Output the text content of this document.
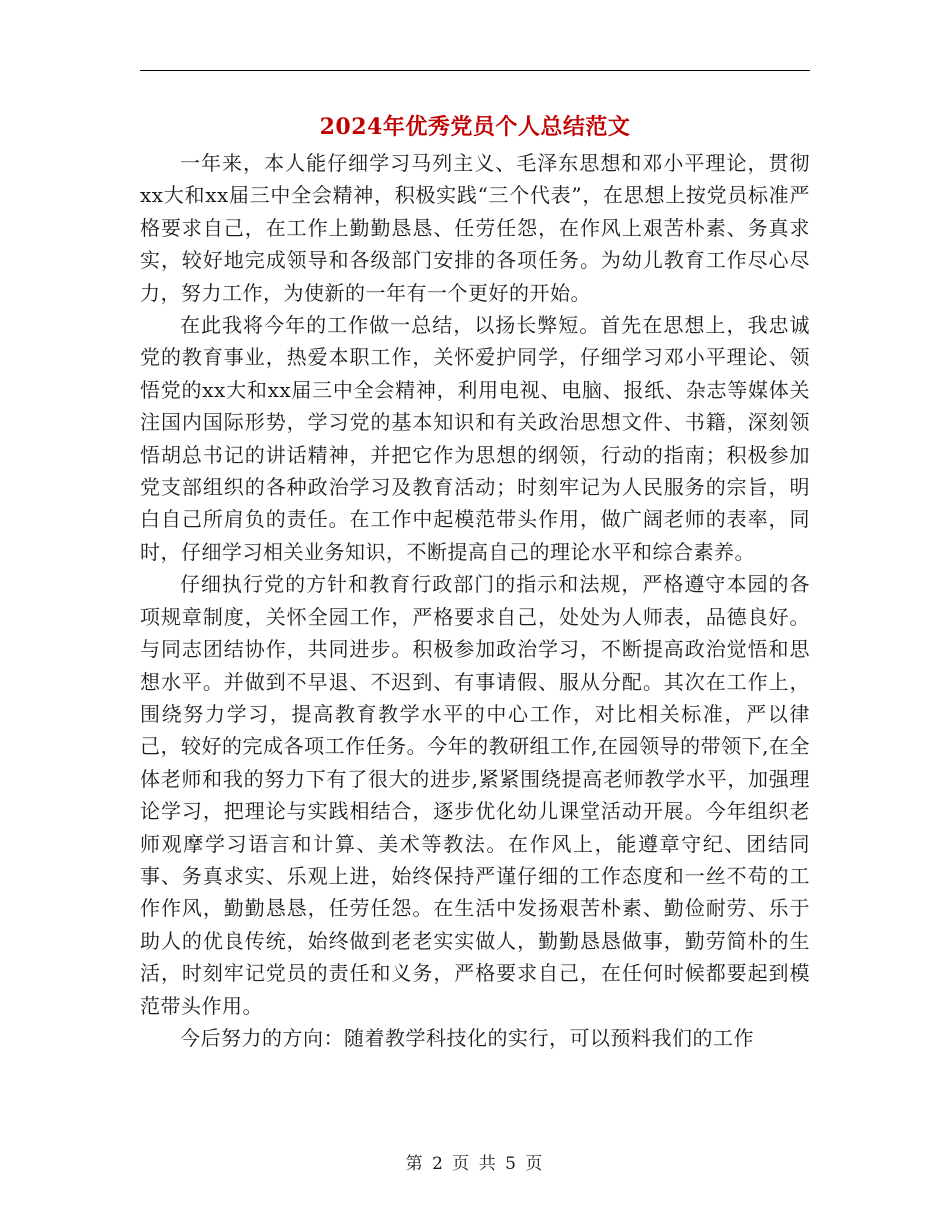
2024年优秀党员个人总结范文

一年来，本人能仔细学习马列主义、毛泽东思想和邓小平理论，贯彻xx大和xx届三中全会精神，积极实践“三个代表”，在思想上按党员标准严格要求自己，在工作上勤勤恳恳、任劳任怨，在作风上艰苦朴素、务真求实，较好地完成领导和各级部门安排的各项任务。为幼儿教育工作尽心尽力，努力工作，为使新的一年有一个更好的开始。

在此我将今年的工作做一总结，以扬长弊短。首先在思想上，我忠诚党的教育事业，热爱本职工作，关怀爱护同学，仔细学习邓小平理论、领悟党的xx大和xx届三中全会精神，利用电视、电脑、报纸、杂志等媒体关注国内国际形势，学习党的基本知识和有关政治思想文件、书籍，深刻领悟胡总书记的讲话精神，并把它作为思想的纲领，行动的指南；积极参加党支部组织的各种政治学习及教育活动；时刻牢记为人民服务的宗旨，明白自己所肩负的责任。在工作中起模范带头作用，做广阔老师的表率，同时，仔细学习相关业务知识，不断提高自己的理论水平和综合素养。

仔细执行党的方针和教育行政部门的指示和法规，严格遵守本园的各项规章制度，关怀全园工作，严格要求自己，处处为人师表，品德良好。与同志团结协作，共同进步。积极参加政治学习，不断提高政治觉悟和思想水平。并做到不早退、不迟到、有事请假、服从分配。其次在工作上，围绕努力学习，提高教育教学水平的中心工作，对比相关标准，严以律己，较好的完成各项工作任务。今年的教研组工作,在园领导的带领下,在全体老师和我的努力下有了很大的进步,紧紧围绕提高老师教学水平，加强理论学习，把理论与实践相结合，逐步优化幼儿课堂活动开展。今年组织老师观摩学习语言和计算、美术等教法。在作风上，能遵章守纪、团结同事、务真求实、乐观上进，始终保持严谨仔细的工作态度和一丝不苟的工作作风，勤勤恳恳，任劳任怨。在生活中发扬艰苦朴素、勤俭耐劳、乐于助人的优良传统，始终做到老老实实做人，勤勤恳恳做事，勤劳简朴的生活，时刻牢记党员的责任和义务，严格要求自己，在任何时候都要起到模范带头作用。

今后努力的方向：随着教学科技化的实行，可以预料我们的工作

第 2 页 共 5 页
